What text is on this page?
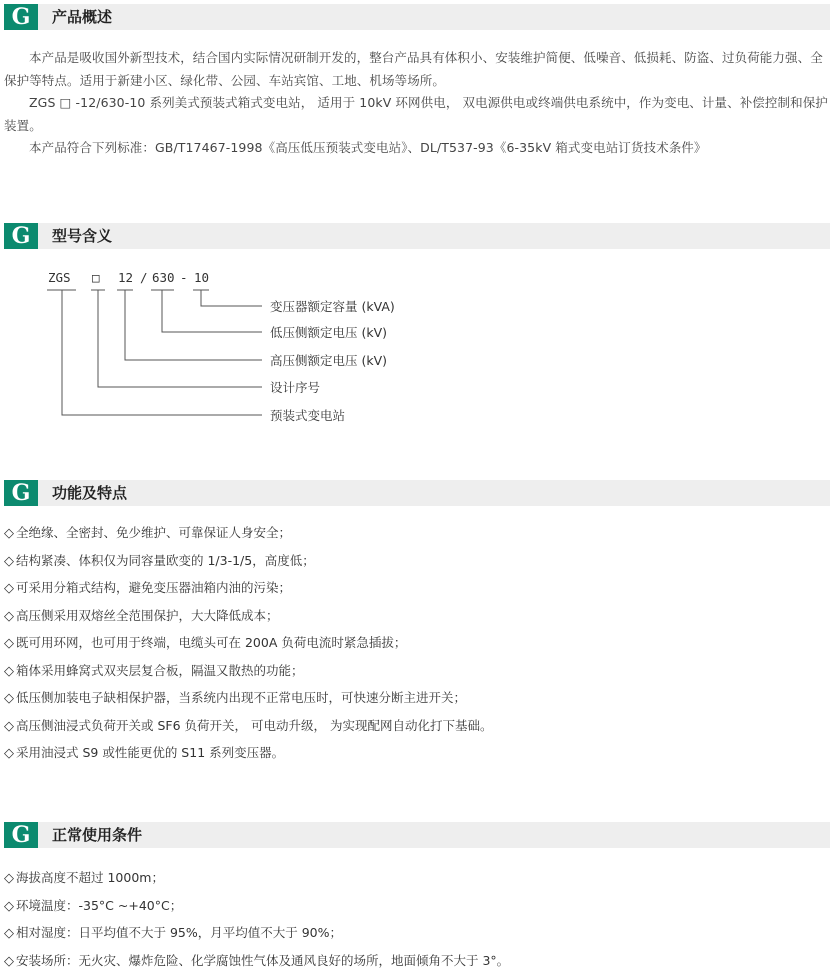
G	产品概述

本产品是吸收国外新型技术，结合国内实际情况研制开发的，整台产品具有体积小、安装维护简便、低噪音、低损耗、防盗、过负荷能力强、全保护等特点。适用于新建小区、绿化带、公园、车站宾馆、工地、机场等场所。

ZGS □ -12/630-10 系列美式预装式箱式变电站， 适用于 10kV 环网供电， 双电源供电或终端供电系统中，作为变电、计量、补偿控制和保护装置。

本产品符合下列标准：GB/T17467-1998《高压低压预装式变电站》、DL/T537-93《6-35kV 箱式变电站订货技术条件》

G	型号含义
ZGS □ 12 / 630 - 10
变压器额定容量 (kVA)
低压侧额定电压 (kV)
高压侧额定电压 (kV)
设计序号
预装式变电站
G	功能及特点
◇ 全绝缘、全密封、免少维护、可靠保证人身安全；
◇ 结构紧凑、体积仅为同容量欧变的 1/3-1/5，高度低；
◇ 可采用分箱式结构，避免变压器油箱内油的污染；
◇ 高压侧采用双熔丝全范围保护，大大降低成本；
◇ 既可用环网，也可用于终端，电缆头可在 200A 负荷电流时紧急插拔；
◇ 箱体采用蜂窝式双夹层复合板，隔温又散热的功能；
◇ 低压侧加装电子缺相保护器，当系统内出现不正常电压时，可快速分断主进开关；
◇ 高压侧油浸式负荷开关或 SF6 负荷开关， 可电动升级， 为实现配网自动化打下基础。
◇ 采用油浸式 S9 或性能更优的 S11 系列变压器。
G	正常使用条件
◇ 海拔高度不超过 1000m；
◇ 环境温度：-35°C ~+40°C；
◇ 相对湿度：日平均值不大于 95%，月平均值不大于 90%；
◇ 安装场所：无火灾、爆炸危险、化学腐蚀性气体及通风良好的场所，地面倾角不大于 3°。
